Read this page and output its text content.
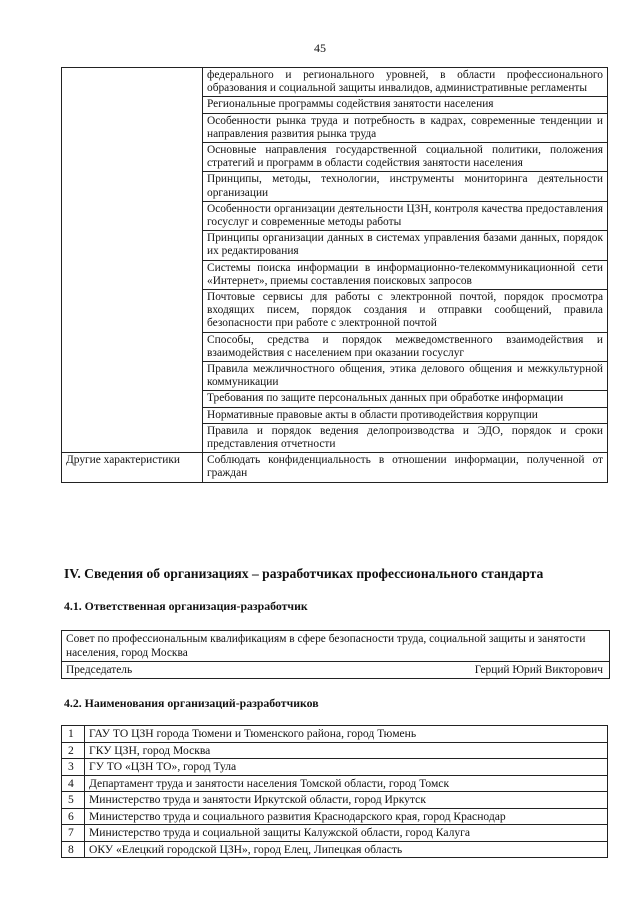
45
	федерального и регионального уровней, в области профессионального образования и социальной защиты инвалидов, административные регламенты
	Региональные программы содействия занятости населения
	Особенности рынка труда и потребность в кадрах, современные тенденции и направления развития рынка труда
	Основные направления государственной социальной политики, положения стратегий и программ в области содействия занятости населения
	Принципы, методы, технологии, инструменты мониторинга деятельности организации
	Особенности организации деятельности ЦЗН, контроля качества предоставления госуслуг и современные методы работы
	Принципы организации данных в системах управления базами данных, порядок их редактирования
	Системы поиска информации в информационно-телекоммуникационной сети «Интернет», приемы составления поисковых запросов
	Почтовые сервисы для работы с электронной почтой, порядок просмотра входящих писем, порядок создания и отправки сообщений, правила безопасности при работе с электронной почтой
	Способы, средства и порядок межведомственного взаимодействия и взаимодействия с населением при оказании госуслуг
	Правила межличностного общения, этика делового общения и межкультурной коммуникации
	Требования по защите персональных данных при обработке информации
	Нормативные правовые акты в области противодействия коррупции
	Правила и порядок ведения делопроизводства и ЭДО, порядок и сроки представления отчетности
Другие характеристики	Соблюдать конфиденциальность в отношении информации, полученной от граждан
IV. Сведения об организациях – разработчиках профессионального стандарта
4.1. Ответственная организация-разработчик
Совет по профессиональным квалификациям в сфере безопасности труда, социальной защиты и занятости населения, город Москва
Председатель	Герций Юрий Викторович
4.2. Наименования организаций-разработчиков
1	ГАУ ТО ЦЗН города Тюмени и Тюменского района, город Тюмень
2	ГКУ ЦЗН, город Москва
3	ГУ ТО «ЦЗН ТО», город Тула
4	Департамент труда и занятости населения Томской области, город Томск
5	Министерство труда и занятости Иркутской области, город Иркутск
6	Министерство труда и социального развития Краснодарского края, город Краснодар
7	Министерство труда и социальной защиты Калужской области, город Калуга
8	ОКУ «Елецкий городской ЦЗН», город Елец, Липецкая область
